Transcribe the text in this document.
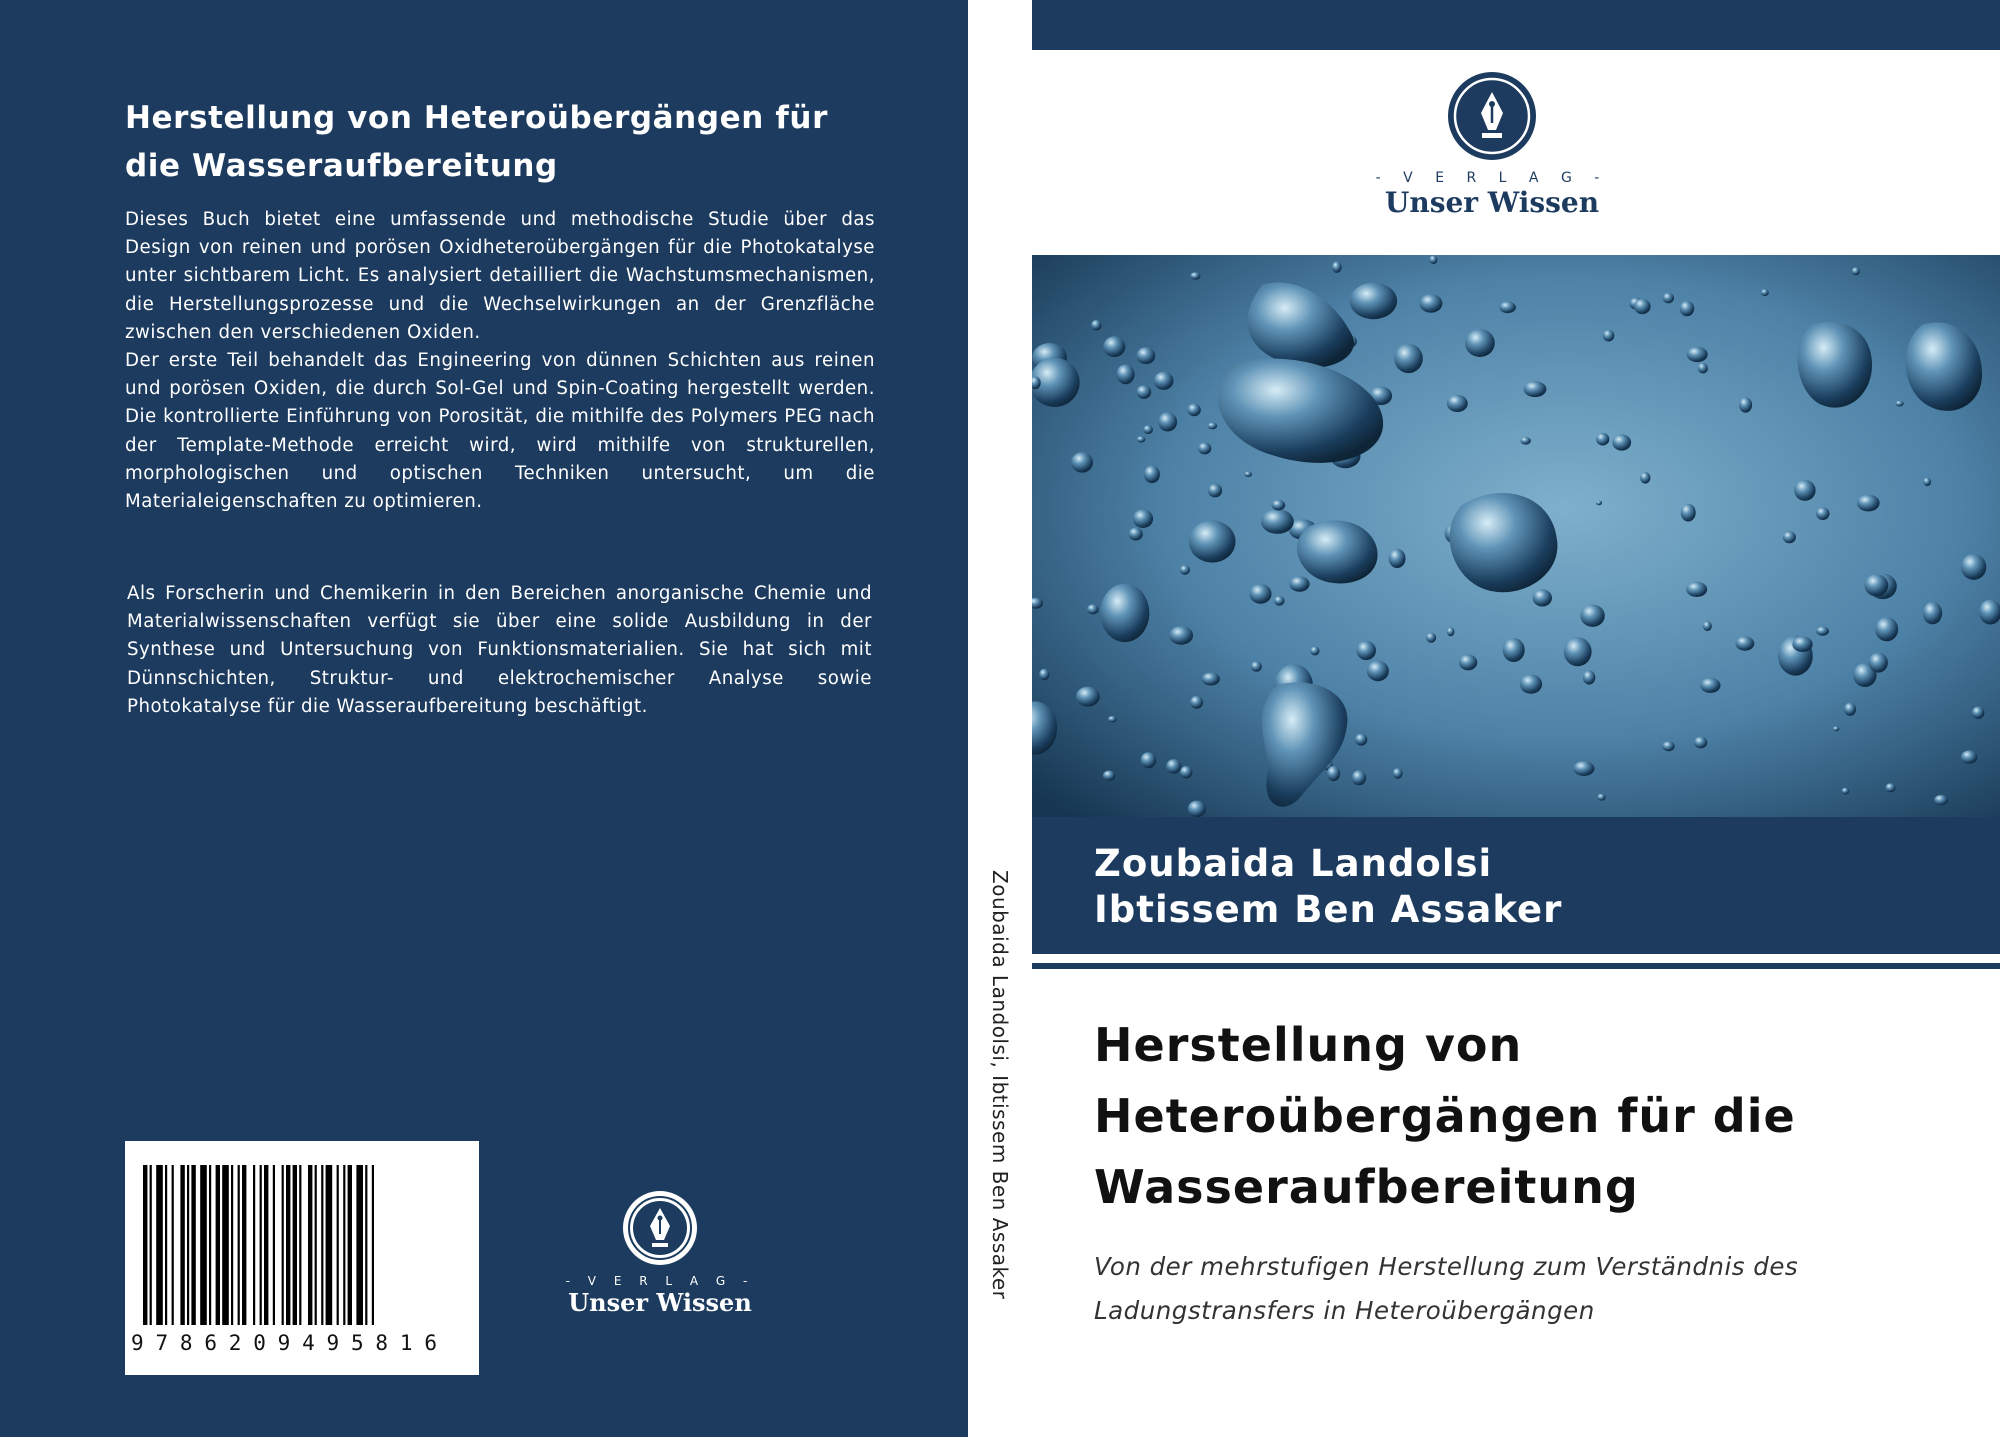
Herstellung von Heteroübergängen für die Wasseraufbereitung

Dieses Buch bietet eine umfassende und methodische Studie über das Design von reinen und porösen Oxidheteroübergängen für die Photokatalyse unter sichtbarem Licht. Es analysiert detailliert die Wachstumsmechanismen, die Herstellungsprozesse und die Wechselwirkungen an der Grenzfläche zwischen den verschiedenen Oxiden.

Der erste Teil behandelt das Engineering von dünnen Schichten aus reinen und porösen Oxiden, die durch Sol-Gel und Spin-Coating hergestellt werden. Die kontrollierte Einführung von Porosität, die mithilfe des Polymers PEG nach der Template-Methode erreicht wird, wird mithilfe von strukturellen, morphologischen und optischen Techniken untersucht, um die Materialeigenschaften zu optimieren.

Als Forscherin und Chemikerin in den Bereichen anorganische Chemie und Materialwissenschaften verfügt sie über eine solide Ausbildung in der Synthese und Untersuchung von Funktionsmaterialien. Sie hat sich mit Dünnschichten, Struktur- und elektrochemischer Analyse sowie Photokatalyse für die Wasseraufbereitung beschäftigt.

9786209495816
- V E R L A G -
Unser Wissen
Zoubaida Landolsi, Ibtissem Ben Assaker
- V E R L A G -
Unser Wissen
Zoubaida Landolsi
Ibtissem Ben Assaker
Herstellung von Heteroübergängen für die Wasseraufbereitung
Von der mehrstufigen Herstellung zum Verständnis des Ladungstransfers in Heteroübergängen
